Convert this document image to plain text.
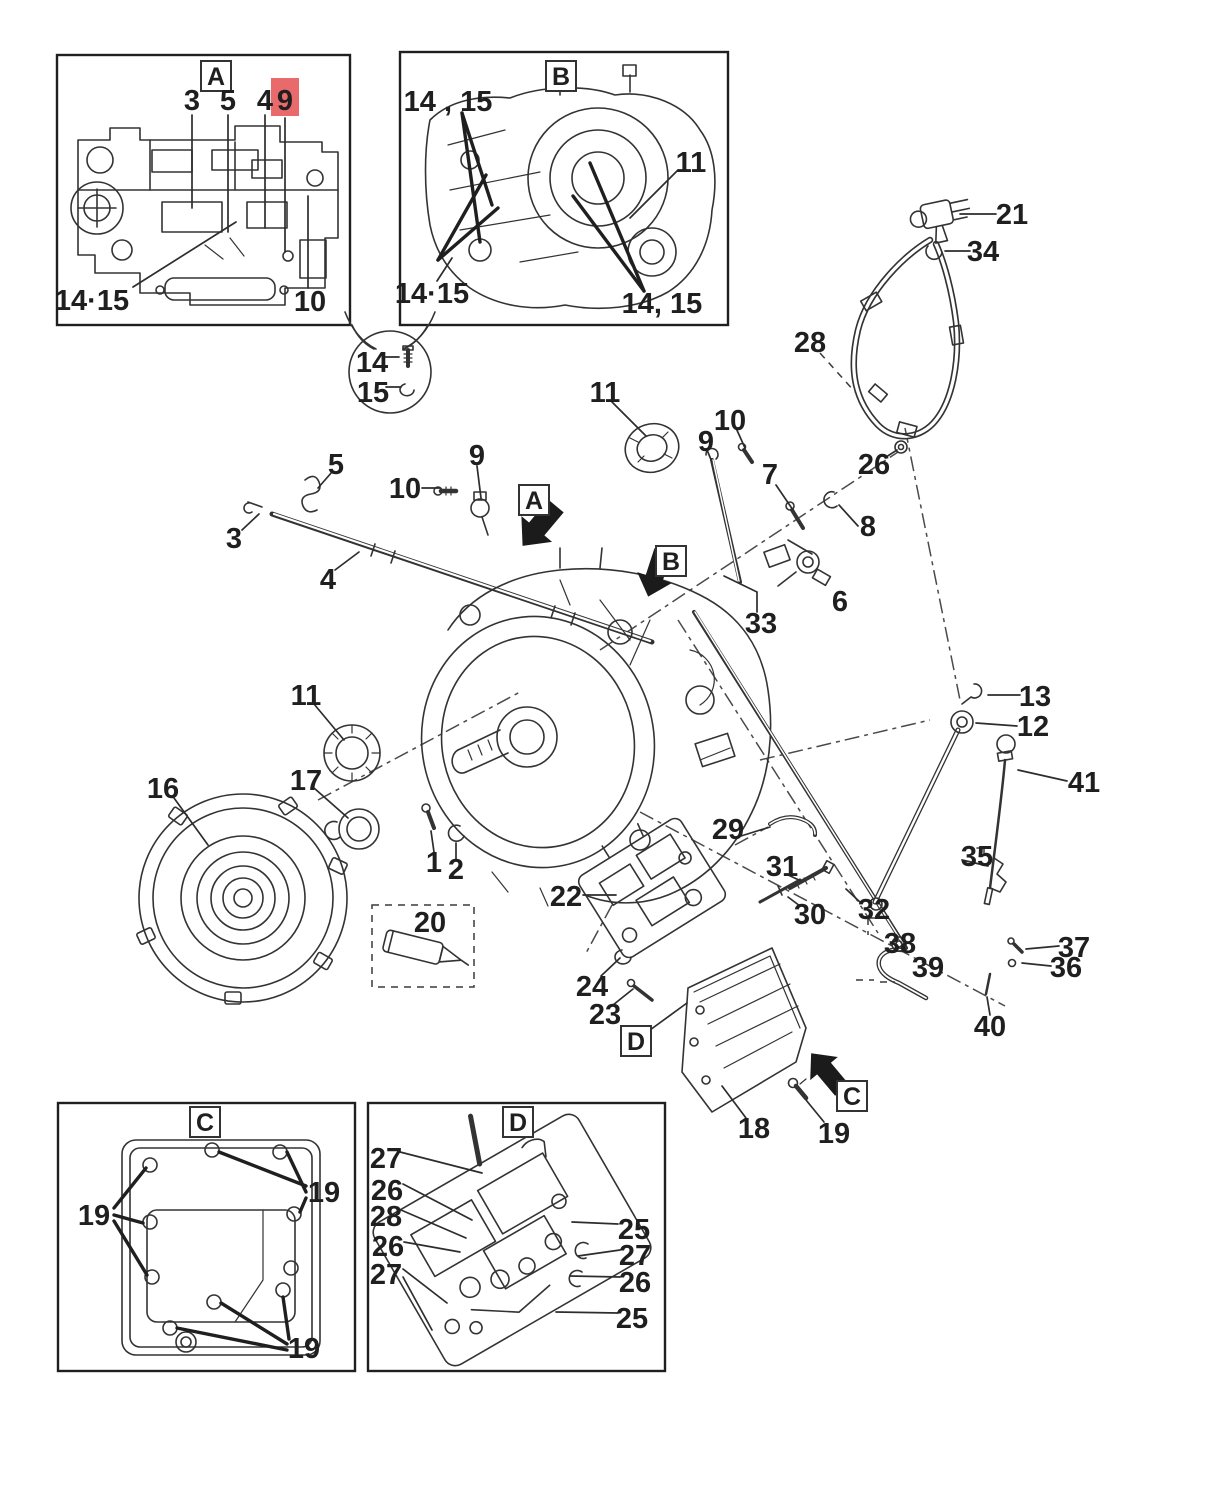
A	B
C	D
A
B
C
D
3 5 4 9
14·15	10
14 , 15
11
14·15	14, 15
14
15	11
9
10
5
3
4
9
10
7	26
8
6
33
28
21
34
11
16	17
1 2
20
22
24
23
29
31
30 32
13
12
41
35
38
39
37
36
40
18 19
19
19
19
27
26
28
26
27
25
27
26
25
